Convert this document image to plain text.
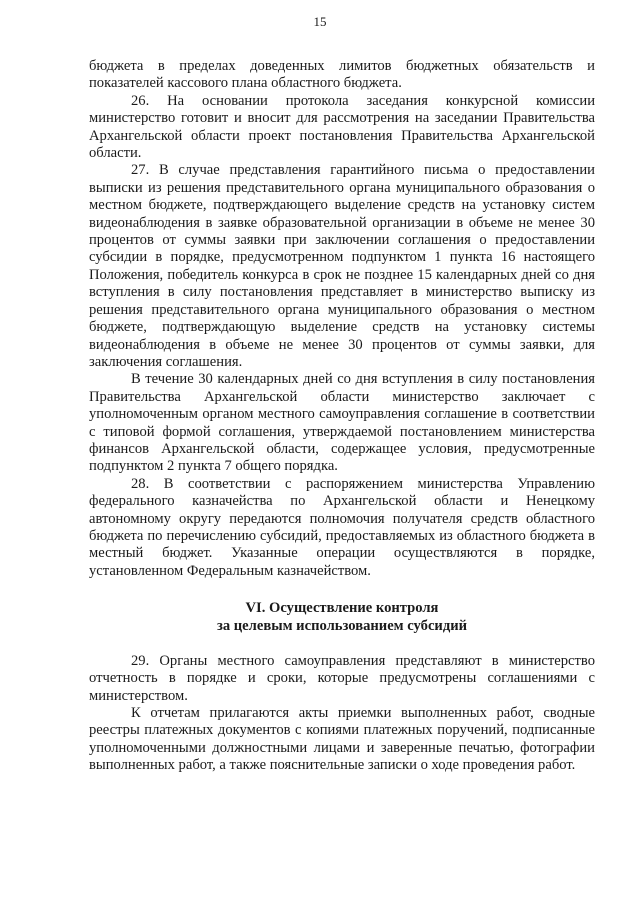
15

бюджета в пределах доведенных лимитов бюджетных обязательств и показателей кассового плана областного бюджета.

26. На основании протокола заседания конкурсной комиссии министерство готовит и вносит для рассмотрения на заседании Правительства Архангельской области проект постановления Правительства Архангельской области.

27. В случае представления гарантийного письма о предоставлении выписки из решения представительного органа муниципального образования о местном бюджете, подтверждающего выделение средств на установку систем видеонаблюдения в заявке образовательной организации в объеме не менее 30 процентов от суммы заявки при заключении соглашения о предоставлении субсидии в порядке, предусмотренном подпунктом 1 пункта 16 настоящего Положения, победитель конкурса в срок не позднее 15 календарных дней со дня вступления в силу постановления представляет в министерство выписку из решения представительного органа муниципального образования о местном бюджете, подтверждающую выделение средств на установку системы видеонаблюдения в объеме не менее 30 процентов от суммы заявки, для заключения соглашения.

В течение 30 календарных дней со дня вступления в силу постановления Правительства Архангельской области министерство заключает с уполномоченным органом местного самоуправления соглашение в соответствии с типовой формой соглашения, утверждаемой постановлением министерства финансов Архангельской области, содержащее условия, предусмотренные подпунктом 2 пункта 7 общего порядка.

28. В соответствии с распоряжением министерства Управлению федерального казначейства по Архангельской области и Ненецкому автономному округу передаются полномочия получателя средств областного бюджета по перечислению субсидий, предоставляемых из областного бюджета в местный бюджет. Указанные операции осуществляются в порядке, установленном Федеральным казначейством.

VI. Осуществление контроля
за целевым использованием субсидий

29. Органы местного самоуправления представляют в министерство отчетность в порядке и сроки, которые предусмотрены соглашениями с министерством.

К отчетам прилагаются акты приемки выполненных работ, сводные реестры платежных документов с копиями платежных поручений, подписанные уполномоченными должностными лицами и заверенные печатью, фотографии выполненных работ, а также пояснительные записки о ходе проведения работ.
